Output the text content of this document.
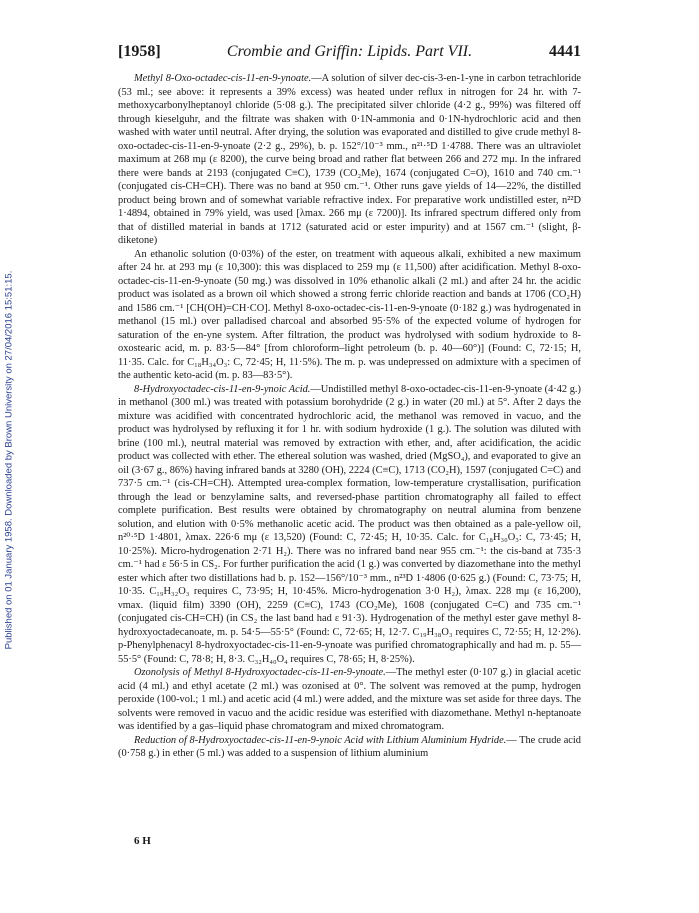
Published on 01 January 1958. Downloaded by Brown University on 27/04/2016 15:51:15.
[1958]	Crombie and Griffin: Lipids. Part VII.	4441

Methyl 8-Oxo-octadec-cis-11-en-9-ynoate.—A solution of silver dec-cis-3-en-1-yne in carbon tetrachloride (53 ml.; see above: it represents a 39% excess) was heated under reflux in nitrogen for 24 hr. with 7-methoxycarbonylheptanoyl chloride (5·08 g.). The precipitated silver chloride (4·2 g., 99%) was filtered off through kieselguhr, and the filtrate was shaken with 0·1N-ammonia and 0·1N-hydrochloric acid and then washed with water until neutral. After drying, the solution was evaporated and distilled to give crude methyl 8-oxo-octadec-cis-11-en-9-ynoate (2·2 g., 29%), b. p. 152°/10⁻³ mm., n²¹·⁵D 1·4788. There was an ultraviolet maximum at 268 mμ (ε 8200), the curve being broad and rather flat between 266 and 272 mμ. In the infrared there were bands at 2193 (conjugated C≡C), 1739 (CO₂Me), 1674 (conjugated C=O), 1610 and 740 cm.⁻¹ (conjugated cis-CH=CH). There was no band at 950 cm.⁻¹. Other runs gave yields of 14—22%, the distilled product being brown and of somewhat variable refractive index. For preparative work undistilled ester, n²²D 1·4894, obtained in 79% yield, was used [λmax. 266 mμ (ε 7200)]. Its infrared spectrum differed only from that of distilled material in bands at 1712 (saturated acid or ester impurity) and at 1567 cm.⁻¹ (slight, β-diketone)

An ethanolic solution (0·03%) of the ester, on treatment with aqueous alkali, exhibited a new maximum after 24 hr. at 293 mμ (ε 10,300): this was displaced to 259 mμ (ε 11,500) after acidification. Methyl 8-oxo-octadec-cis-11-en-9-ynoate (50 mg.) was dissolved in 10% ethanolic alkali (2 ml.) and after 24 hr. the acidic product was isolated as a brown oil which showed a strong ferric chloride reaction and bands at 1706 (CO₂H) and 1586 cm.⁻¹ [CH(OH)=CH·CO]. Methyl 8-oxo-octadec-cis-11-en-9-ynoate (0·182 g.) was hydrogenated in methanol (15 ml.) over palladised charcoal and absorbed 95·5% of the expected volume of hydrogen for saturation of the en-yne system. After filtration, the product was hydrolysed with sodium hydroxide to 8-oxostearic acid, m. p. 83·5—84° [from chloroform–light petroleum (b. p. 40—60°)] (Found: C, 72·15; H, 11·35. Calc. for C₁₈H₃₄O₃: C, 72·45; H, 11·5%). The m. p. was undepressed on admixture with a specimen of the authentic keto-acid (m. p. 83—83·5°).

8-Hydroxyoctadec-cis-11-en-9-ynoic Acid.—Undistilled methyl 8-oxo-octadec-cis-11-en-9-ynoate (4·42 g.) in methanol (300 ml.) was treated with potassium borohydride (2 g.) in water (20 ml.) at 5°. After 2 days the mixture was acidified with concentrated hydrochloric acid, the methanol was removed in vacuo, and the product was hydrolysed by refluxing it for 1 hr. with sodium hydroxide (1 g.). The solution was diluted with brine (100 ml.), neutral material was removed by extraction with ether, and, after acidification, the acidic product was collected with ether. The ethereal solution was washed, dried (MgSO₄), and evaporated to give an oil (3·67 g., 86%) having infrared bands at 3280 (OH), 2224 (C≡C), 1713 (CO₂H), 1597 (conjugated C=C) and 737·5 cm.⁻¹ (cis-CH=CH). Attempted urea-complex formation, low-temperature crystallisation, purification through the lead or benzylamine salts, and reversed-phase partition chromatography all failed to effect complete purification. Best results were obtained by chromatography on neutral alumina from benzene solution, and elution with 0·5% methanolic acetic acid. The product was then obtained as a pale-yellow oil, n²⁰·⁵D 1·4801, λmax. 226·6 mμ (ε 13,520) (Found: C, 72·45; H, 10·35. Calc. for C₁₈H₃₀O₃: C, 73·45; H, 10·25%). Micro-hydrogenation 2·71 H₂). There was no infrared band near 955 cm.⁻¹: the cis-band at 735·3 cm.⁻¹ had ε 56·5 in CS₂. For further purification the acid (1 g.) was converted by diazomethane into the methyl ester which after two distillations had b. p. 152—156°/10⁻³ mm., n²³D 1·4806 (0·625 g.) (Found: C, 73·75; H, 10·35. C₁₉H₃₂O₃ requires C, 73·95; H, 10·45%. Micro-hydrogenation 3·0 H₂), λmax. 228 mμ (ε 16,200), νmax. (liquid film) 3390 (OH), 2259 (C≡C), 1743 (CO₂Me), 1608 (conjugated C=C) and 735 cm.⁻¹ (conjugated cis-CH=CH) (in CS₂ the last band had ε 91·3). Hydrogenation of the methyl ester gave methyl 8-hydroxyoctadecanoate, m. p. 54·5—55·5° (Found: C, 72·65; H, 12·7. C₁₉H₃₈O₃ requires C, 72·55; H, 12·2%). p-Phenylphenacyl 8-hydroxyoctadec-cis-11-en-9-ynoate was purified chromatographically and had m. p. 55—55·5° (Found: C, 78·8; H, 8·3. C₃₂H₄₀O₄ requires C, 78·65; H, 8·25%).

Ozonolysis of Methyl 8-Hydroxyoctadec-cis-11-en-9-ynoate.—The methyl ester (0·107 g.) in glacial acetic acid (4 ml.) and ethyl acetate (2 ml.) was ozonised at 0°. The solvent was removed at the pump, hydrogen peroxide (100-vol.; 1 ml.) and acetic acid (4 ml.) were added, and the mixture was set aside for three days. The solvents were removed in vacuo and the acidic residue was esterified with diazomethane. Methyl n-heptanoate was identified by a gas–liquid phase chromatogram and mixed chromatogram.

Reduction of 8-Hydroxyoctadec-cis-11-en-9-ynoic Acid with Lithium Aluminium Hydride.— The crude acid (0·758 g.) in ether (5 ml.) was added to a suspension of lithium aluminium

6 H
